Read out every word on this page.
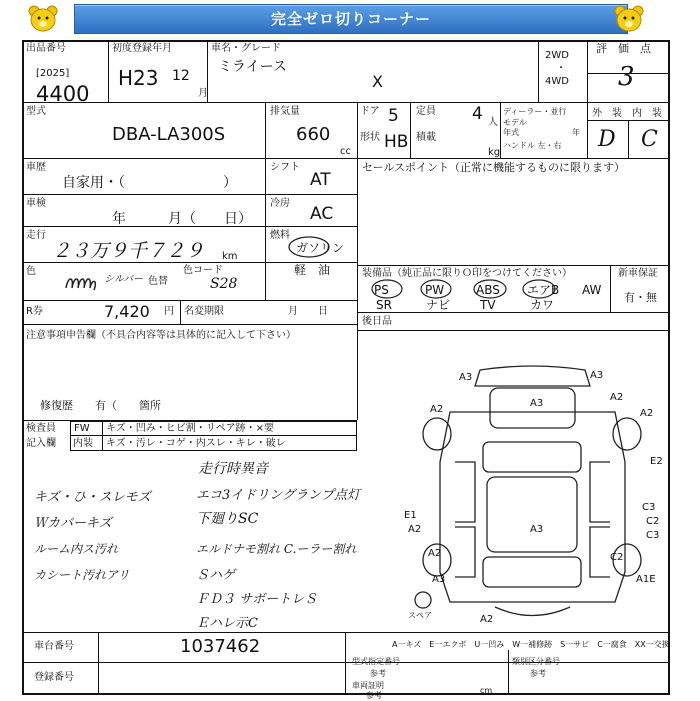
完全ゼロ切りコーナー
出品番号
[2025]
4400
初度登録年月
H23 12
月
車名・グレード
ミライース
X
2WD
・
4WD
評　価　点
3
外　装 内　装
D C
型式
DBA-LA300S
排気量
660
cc
ドア 5
形状 HB
定員 4 人
積載
kg
ディーラー・並行
モデル
年式	年
ハンドル 左・右
車歴
自家用・（　　　　　　　）
車検
年　　　月（　　日）
走行
２３万９千７２９ km
色
シルバー 色替
色コード
S28
R券	7,420 円 名変期限	月　　日
注意事項申告欄（不具合内容等は具体的に記入して下さい）
修復歴　　有（　　箇所
シフト
AT
冷房
AC
燃料
ガソリン
軽　油
セールスポイント（正常に機能するものに限ります）
装備品（純正品に限りＯ印をつけてください）	新車保証
有・無
PS	PW	ABS エアB AW
SR	ナビ TV	カワ
後日品
検査員
記入欄
FW キズ・凹み・ヒビ割・リペア跡・×要
内装 キズ・汚レ・コゲ・内スレ・キレ・破レ
走行時異音
エコ3イドリングランプ点灯
下廻りSC
エルドナモ割れ C.ーラー割れ
Ｓハゲ
ＦＤ３ サボートレＳ
Ｅハレ示C
キズ・ひ・スレモズ
Ｗカバーキズ
ルーム内ス汚れ
カシート汚れアリ
A3	A3
A3
A3
A2
A2
A2
E2
C3
C2
C3
E1
A2
A2
A3
C2
A1E
スペア	A2
A一キズ　E一エクボ　U一凹み　W一補修跡　S一サビ　C一腐食　XX一交換
車台番号	1037462
登録番号
型式指定番号
参考
類別区分番号
参考
車両証明
参考
cm
